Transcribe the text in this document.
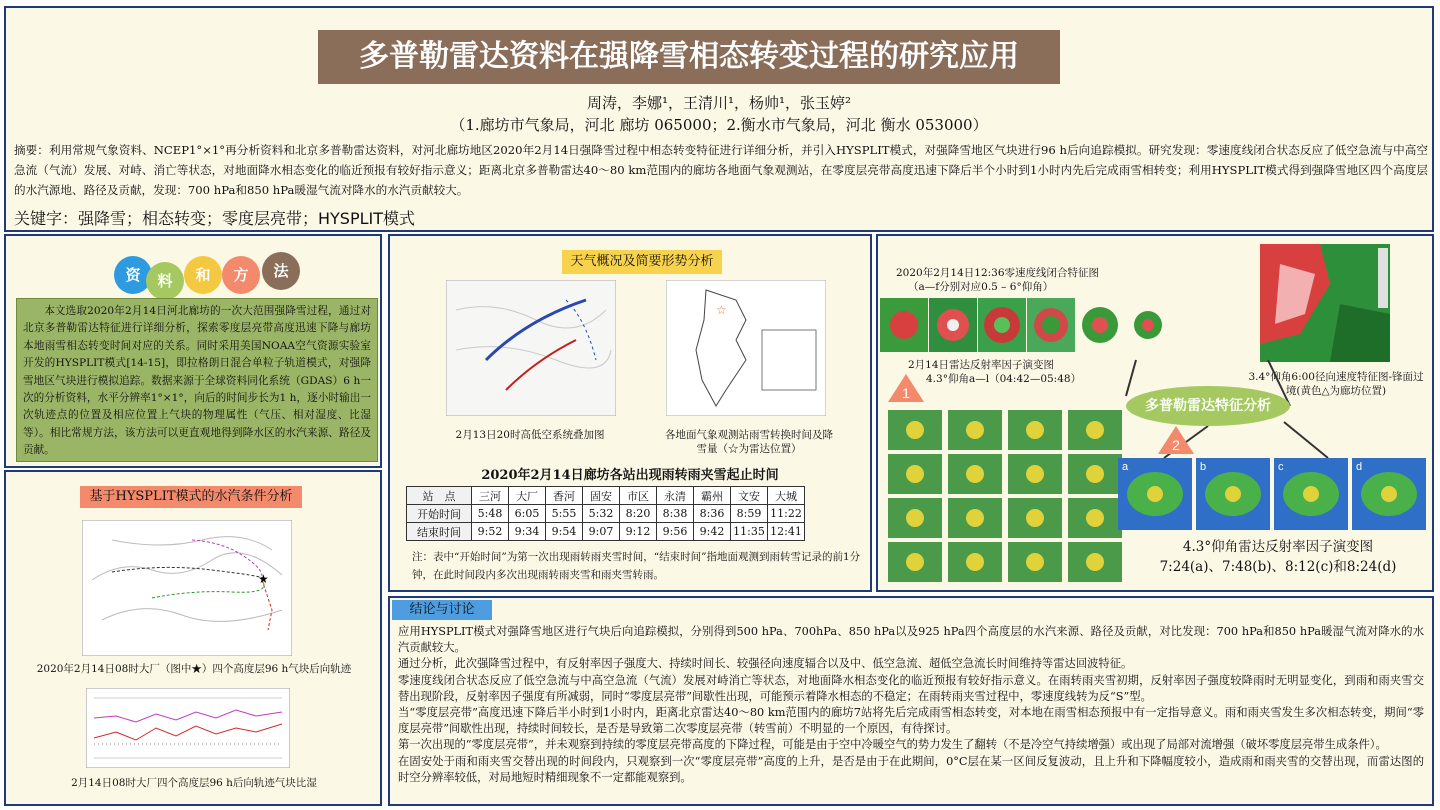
多普勒雷达资料在强降雪相态转变过程的研究应用
周涛，李娜¹，王清川¹，杨帅¹，张玉婷²
（1.廊坊市气象局，河北 廊坊 065000；2.衡水市气象局，河北 衡水 053000）
摘要：利用常规气象资料、NCEP1°×1°再分析资料和北京多普勒雷达资料，对河北廊坊地区2020年2月14日强降雪过程中相态转变特征进行详细分析，并引入HYSPLIT模式，对强降雪地区气块进行96 h后向追踪模拟。研究发现：零速度线闭合状态反应了低空急流与中高空急流（气流）发展、对峙、消亡等状态，对地面降水相态变化的临近预报有较好指示意义；距离北京多普勒雷达40～80 km范围内的廊坊各地面气象观测站，在零度层亮带高度迅速下降后半个小时到1小时内先后完成雨雪相转变；利用HYSPLIT模式得到强降雪地区四个高度层的水汽源地、路径及贡献，发现：700 hPa和850 hPa暖湿气流对降水的水汽贡献较大。
关键字：强降雪；相态转变；零度层亮带；HYSPLIT模式
资	料	和	方	法
本文选取2020年2月14日河北廊坊的一次大范围强降雪过程，通过对北京多普勒雷达特征进行详细分析，探索零度层亮带高度迅速下降与廊坊本地雨雪相态转变时间对应的关系。同时采用美国NOAA空气资源实验室开发的HYSPLIT模式[14-15]，即拉格朗日混合单粒子轨道模式，对强降雪地区气块进行模拟追踪。数据来源于全球资料同化系统（GDAS）6 h一次的分析资料，水平分辨率1°×1°，向后的时间步长为1 h，逐小时输出一次轨迹点的位置及相应位置上气块的物理属性（气压、相对湿度、比湿等）。相比常规方法，该方法可以更直观地得到降水区的水汽来源、路径及贡献。
基于HYSPLIT模式的水汽条件分析
★
2020年2月14日08时大厂（图中★）四个高度层96 h气块后向轨迹
2月14日08时大厂四个高度层96 h后向轨迹气块比湿
天气概况及简要形势分析
☆
2月13日20时高低空系统叠加图	各地面气象观测站雨雪转换时间及降雪量（☆为雷达位置）
2020年2月14日廊坊各站出现雨转雨夹雪起止时间
站　点	三河	大厂	香河	固安	市区	永清	霸州	文安	大城
开始时间	5:48	6:05	5:55	5:32	8:20	8:38	8:36	8:59	11:22
结束时间	9:52	9:34	9:54	9:07	9:12	9:56	9:42	11:35	12:41
注：表中“开始时间”为第一次出现雨转雨夹雪时间，“结束时间”指地面观测到雨转雪记录的前1分钟，在此时间段内多次出现雨转雨夹雪和雨夹雪转雨。
2020年2月14日12:36零速度线闭合特征图
（a—f分别对应0.5 – 6°仰角）
2月14日雷达反射率因子演变图
4.3°仰角a—l（04:42—05:48）	3.4°仰角6:00径向速度特征图-锋面过境(黄色△为廊坊位置)
多普勒雷达特征分析
1
2
a	b	c	d
4.3°仰角雷达反射率因子演变图
7:24(a)、7:48(b)、8:12(c)和8:24(d)
结论与讨论
应用HYSPLIT模式对强降雪地区进行气块后向追踪模拟，分别得到500 hPa、700hPa、850 hPa以及925 hPa四个高度层的水汽来源、路径及贡献，对比发现：700 hPa和850 hPa暖湿气流对降水的水汽贡献较大。
通过分析，此次强降雪过程中，有反射率因子强度大、持续时间长、较强径向速度辐合以及中、低空急流、超低空急流长时间维持等雷达回波特征。
零速度线闭合状态反应了低空急流与中高空急流（气流）发展对峙消亡等状态，对地面降水相态变化的临近预报有较好指示意义。在雨转雨夹雪初期，反射率因子强度较降雨时无明显变化，到雨和雨夹雪交替出现阶段，反射率因子强度有所减弱，同时“零度层亮带”间歇性出现，可能预示着降水相态的不稳定；在雨转雨夹雪过程中，零速度线转为反“S”型。
当“零度层亮带”高度迅速下降后半小时到1小时内，距离北京雷达40～80 km范围内的廊坊7站将先后完成雨雪相态转变，对本地在雨雪相态预报中有一定指导意义。雨和雨夹雪发生多次相态转变，期间“零度层亮带”间歇性出现，持续时间较长，是否是导致第二次零度层亮带（转雪前）不明显的一个原因，有待探讨。
第一次出现的“零度层亮带”，并未观察到持续的零度层亮带高度的下降过程，可能是由于空中冷暖空气的势力发生了翻转（不是冷空气持续增强）或出现了局部对流增强（破坏零度层亮带生成条件）。
在固安处于雨和雨夹雪交替出现的时间段内，只观察到一次“零度层亮带”高度的上升，是否是由于在此期间，0°C层在某一区间反复波动，且上升和下降幅度较小，造成雨和雨夹雪的交替出现，而雷达图的时空分辨率较低，对局地短时精细现象不一定都能观察到。
